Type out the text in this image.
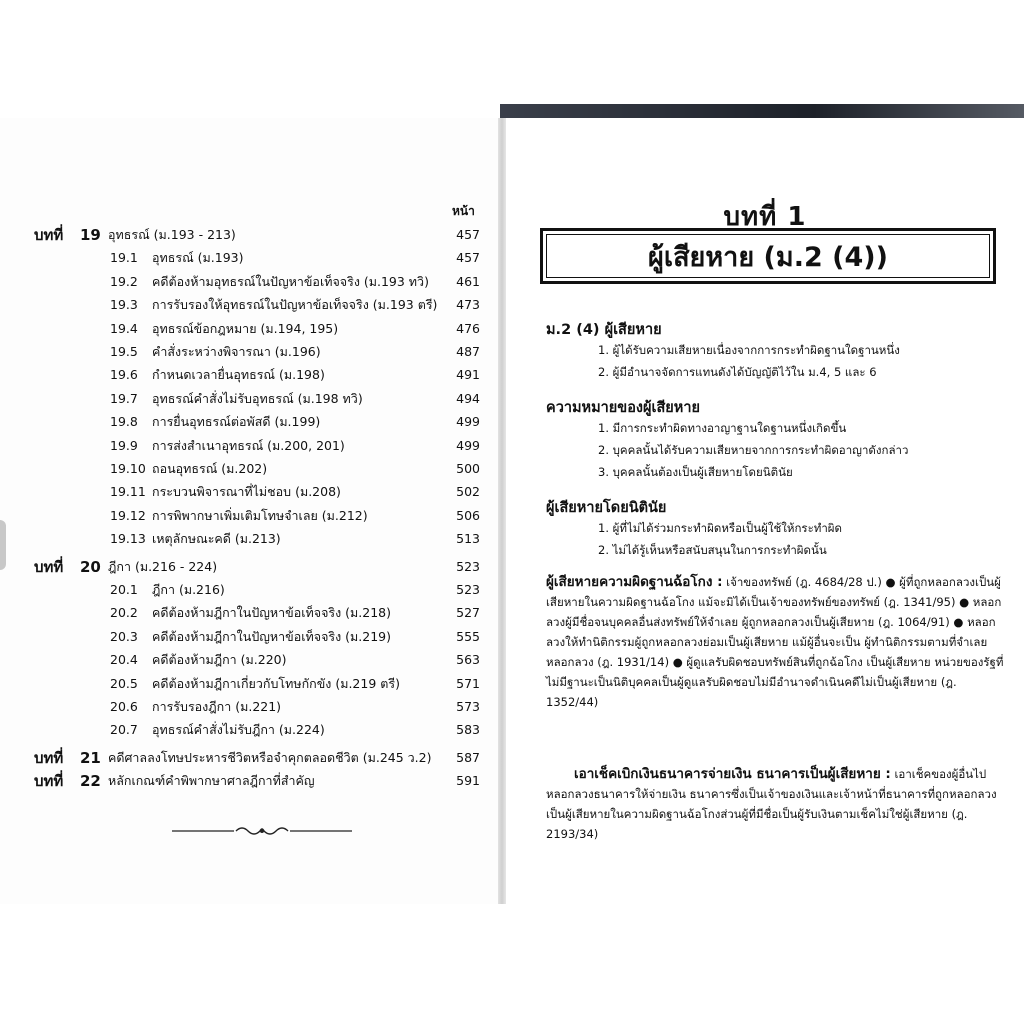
หน้า
บทที่ 19 อุทธรณ์ (ม.193 - 213)	457
19.1 อุทธรณ์ (ม.193)	457
19.2 คดีต้องห้ามอุทธรณ์ในปัญหาข้อเท็จจริง (ม.193 ทวิ) 461
19.3 การรับรองให้อุทธรณ์ในปัญหาข้อเท็จจริง (ม.193 ตรี) 473
19.4 อุทธรณ์ข้อกฎหมาย (ม.194, 195)	476
19.5 คำสั่งระหว่างพิจารณา (ม.196)	487
19.6 กำหนดเวลายื่นอุทธรณ์ (ม.198)	491
19.7 อุทธรณ์คำสั่งไม่รับอุทธรณ์ (ม.198 ทวิ)	494
19.8 การยื่นอุทธรณ์ต่อพัสดี (ม.199)	499
19.9 การส่งสำเนาอุทธรณ์ (ม.200, 201)	499
19.10 ถอนอุทธรณ์ (ม.202)	500
19.11 กระบวนพิจารณาที่ไม่ชอบ (ม.208)	502
19.12 การพิพากษาเพิ่มเติมโทษจำเลย (ม.212)	506
19.13 เหตุลักษณะคดี (ม.213)	513
บทที่ 20 ฎีกา (ม.216 - 224)	523
20.1 ฎีกา (ม.216)	523
20.2 คดีต้องห้ามฎีกาในปัญหาข้อเท็จจริง (ม.218)	527
20.3 คดีต้องห้ามฎีกาในปัญหาข้อเท็จจริง (ม.219)	555
20.4 คดีต้องห้ามฎีกา (ม.220)	563
20.5 คดีต้องห้ามฎีกาเกี่ยวกับโทษกักขัง (ม.219 ตรี)	571
20.6 การรับรองฎีกา (ม.221)	573
20.7 อุทธรณ์คำสั่งไม่รับฎีกา (ม.224)	583
บทที่ 21 คดีศาลลงโทษประหารชีวิตหรือจำคุกตลอดชีวิต (ม.245 ว.2) 587
บทที่ 22 หลักเกณฑ์คำพิพากษาศาลฎีกาที่สำคัญ	591
บทที่ 1
ผู้เสียหาย (ม.2 (4))
ม.2 (4) ผู้เสียหาย
1. ผู้ได้รับความเสียหายเนื่องจากการกระทำผิดฐานใดฐานหนึ่ง
2. ผู้มีอำนาจจัดการแทนดังได้บัญญัติไว้ใน ม.4, 5 และ 6
ความหมายของผู้เสียหาย
1. มีการกระทำผิดทางอาญาฐานใดฐานหนึ่งเกิดขึ้น
2. บุคคลนั้นได้รับความเสียหายจากการกระทำผิดอาญาดังกล่าว
3. บุคคลนั้นต้องเป็นผู้เสียหายโดยนิตินัย
ผู้เสียหายโดยนิตินัย
1. ผู้ที่ไม่ได้ร่วมกระทำผิดหรือเป็นผู้ใช้ให้กระทำผิด
2. ไม่ได้รู้เห็นหรือสนับสนุนในการกระทำผิดนั้น
ผู้เสียหายความผิดฐานฉ้อโกง : เจ้าของทรัพย์ (ฎ. 4684/28 ป.) ● ผู้ที่ถูกหลอกลวงเป็นผู้เสียหายในความผิดฐานฉ้อโกง แม้จะมิได้เป็นเจ้าของทรัพย์ของทรัพย์ (ฎ. 1341/95) ● หลอกลวงผู้มีชื่อจนบุคคลอื่นส่งทรัพย์ให้จำเลย ผู้ถูกหลอกลวงเป็นผู้เสียหาย (ฎ. 1064/91) ● หลอกลวงให้ทำนิติกรรมผู้ถูกหลอกลวงย่อมเป็นผู้เสียหาย แม้ผู้อื่นจะเป็น ผู้ทำนิติกรรมตามที่จำเลยหลอกลวง (ฎ. 1931/14) ● ผู้ดูแลรับผิดชอบทรัพย์สินที่ถูกฉ้อโกง เป็นผู้เสียหาย หน่วยของรัฐที่ไม่มีฐานะเป็นนิติบุคคลเป็นผู้ดูแลรับผิดชอบไม่มีอำนาจดำเนินคดีไม่เป็นผู้เสียหาย (ฎ. 1352/44)
เอาเช็คเบิกเงินธนาคารจ่ายเงิน ธนาคารเป็นผู้เสียหาย : เอาเช็คของผู้อื่นไปหลอกลวงธนาคารให้จ่ายเงิน ธนาคารซึ่งเป็นเจ้าของเงินและเจ้าหน้าที่ธนาคารที่ถูกหลอกลวงเป็นผู้เสียหายในความผิดฐานฉ้อโกงส่วนผู้ที่มีชื่อเป็นผู้รับเงินตามเช็คไม่ใช่ผู้เสียหาย (ฎ. 2193/34)
